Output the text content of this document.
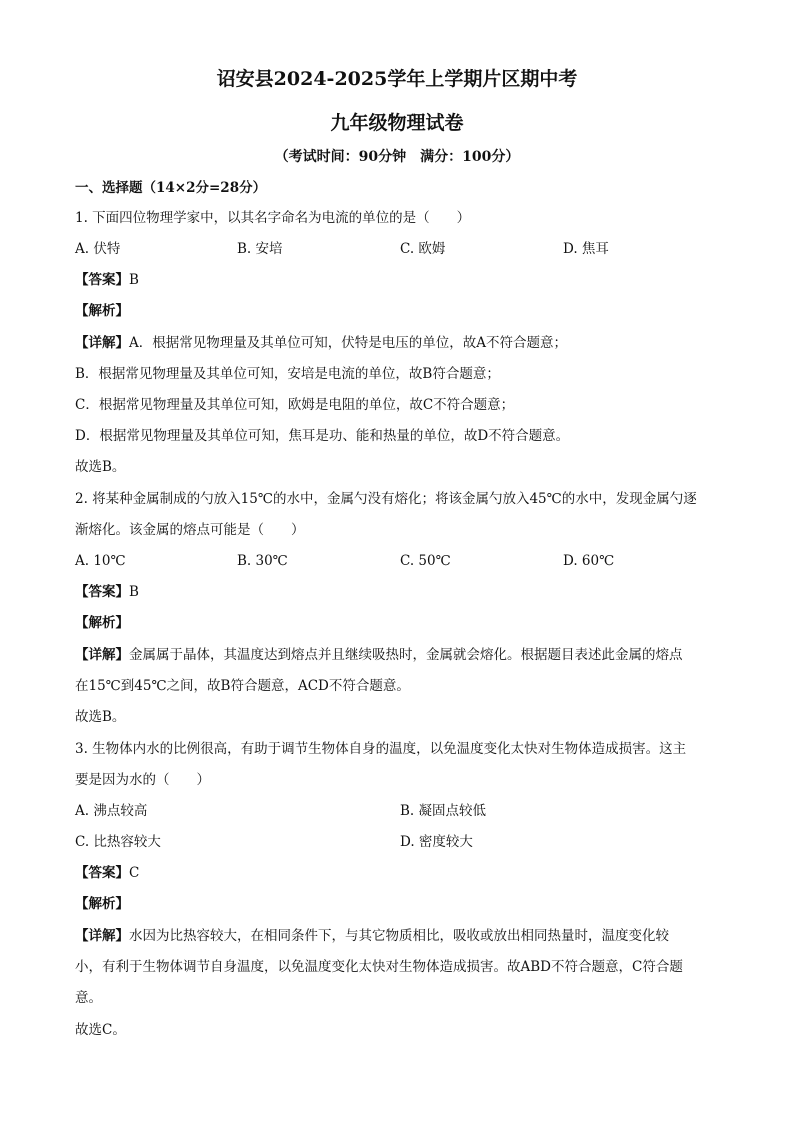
诏安县2024-2025学年上学期片区期中考
九年级物理试卷
（考试时间：90分钟　满分：100分）
一、选择题（14×2分=28分）
1. 下面四位物理学家中，以其名字命名为电流的单位的是（　　）
A. 伏特	B. 安培	C. 欧姆	D. 焦耳
【答案】B
【解析】
【详解】A．根据常见物理量及其单位可知，伏特是电压的单位，故A不符合题意；
B．根据常见物理量及其单位可知，安培是电流的单位，故B符合题意；
C．根据常见物理量及其单位可知，欧姆是电阻的单位，故C不符合题意；
D．根据常见物理量及其单位可知，焦耳是功、能和热量的单位，故D不符合题意。
故选B。
2. 将某种金属制成的勺放入15℃的水中，金属勺没有熔化；将该金属勺放入45℃的水中，发现金属勺逐
渐熔化。该金属的熔点可能是（　　）
A. 10℃	B. 30℃	C. 50℃	D. 60℃
【答案】B
【解析】
【详解】金属属于晶体，其温度达到熔点并且继续吸热时，金属就会熔化。根据题目表述此金属的熔点
在15℃到45℃之间，故B符合题意，ACD不符合题意。
故选B。
3. 生物体内水的比例很高，有助于调节生物体自身的温度，以免温度变化太快对生物体造成损害。这主
要是因为水的（　　）
A. 沸点较高	B. 凝固点较低
C. 比热容较大	D. 密度较大
【答案】C
【解析】
【详解】水因为比热容较大，在相同条件下，与其它物质相比，吸收或放出相同热量时，温度变化较
小，有利于生物体调节自身温度，以免温度变化太快对生物体造成损害。故ABD不符合题意，C符合题
意。
故选C。
